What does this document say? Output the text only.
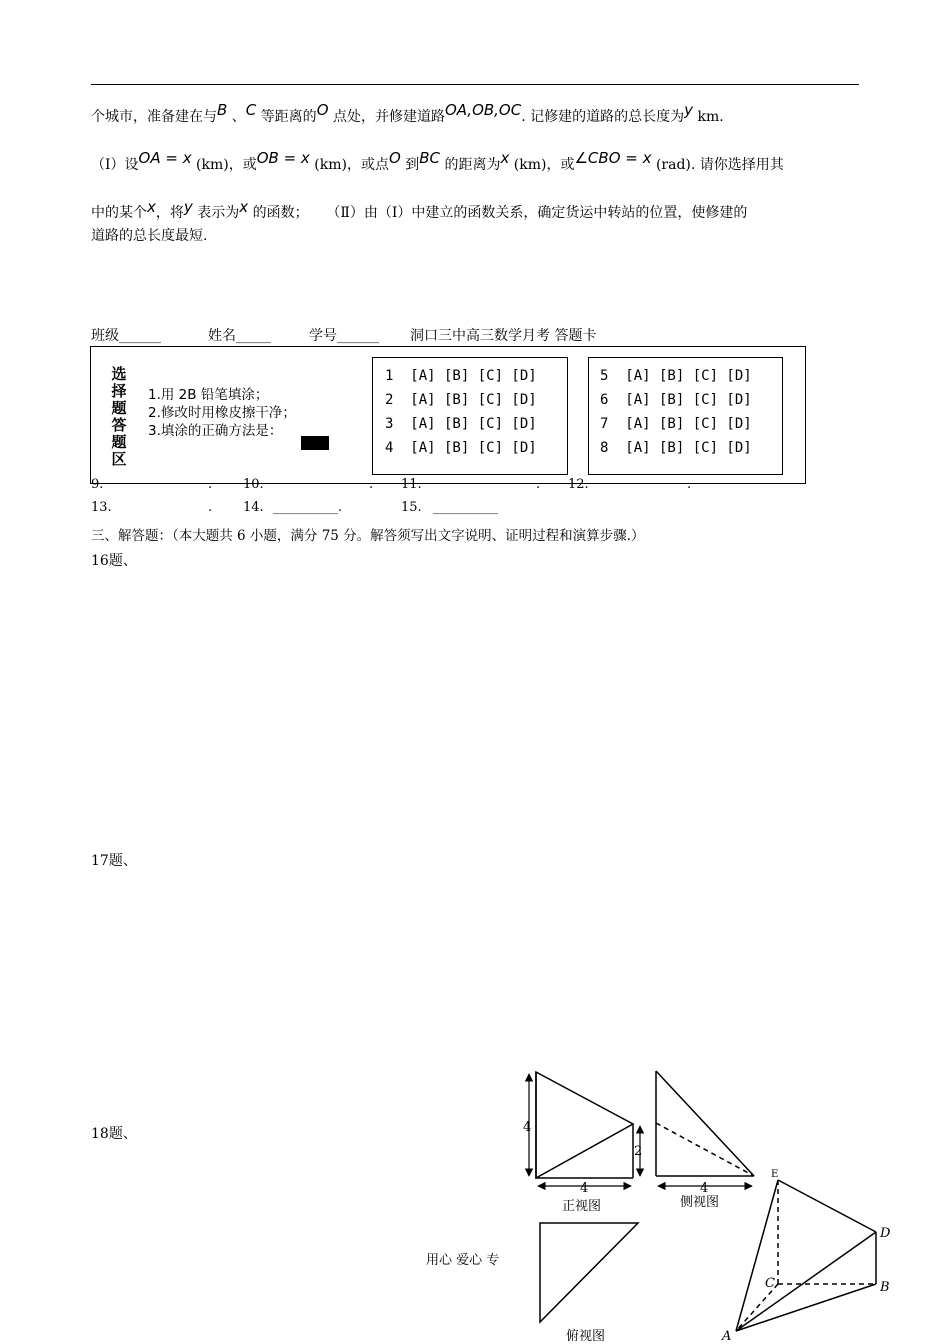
个城市，准备建在与B 、C 等距离的O 点处，并修建道路OA,OB,OC. 记修建的道路的总长度为y km.
（Ⅰ）设OA = x (km)，或OB = x (km)，或点O 到BC 的距离为x (km)，或∠CBO = x (rad). 请你选择用其
中的某个x，将y 表示为x 的函数； （Ⅱ）由（Ⅰ）中建立的函数关系，确定货运中转站的位置，使修建的
道路的总长度最短.
班级______	姓名_____	学号______ 洞口三中高三数学月考 答题卡
选
择
题
答
题
区
1.用 2B 铅笔填涂；
2.修改时用橡皮擦干净；
3.填涂的正确方法是：
1  [A] [B] [C] [D]
2  [A] [B] [C] [D]
3  [A] [B] [C] [D]
4  [A] [B] [C] [D]
5  [A] [B] [C] [D]
6  [A] [B] [C] [D]
7  [A] [B] [C] [D]
8  [A] [B] [C] [D]
9.	. 10.	. 11.	. 12.	.
13.	. 14. __________.	15. __________
三、解答题：（本大题共 6 小题，满分 75 分。解答须写出文字说明、证明过程和演算步骤.）
16题、
17题、
18题、
用心 爱心 专
4
2
4
正视图
4
侧视图
俯视图
E
D
C	B
A
